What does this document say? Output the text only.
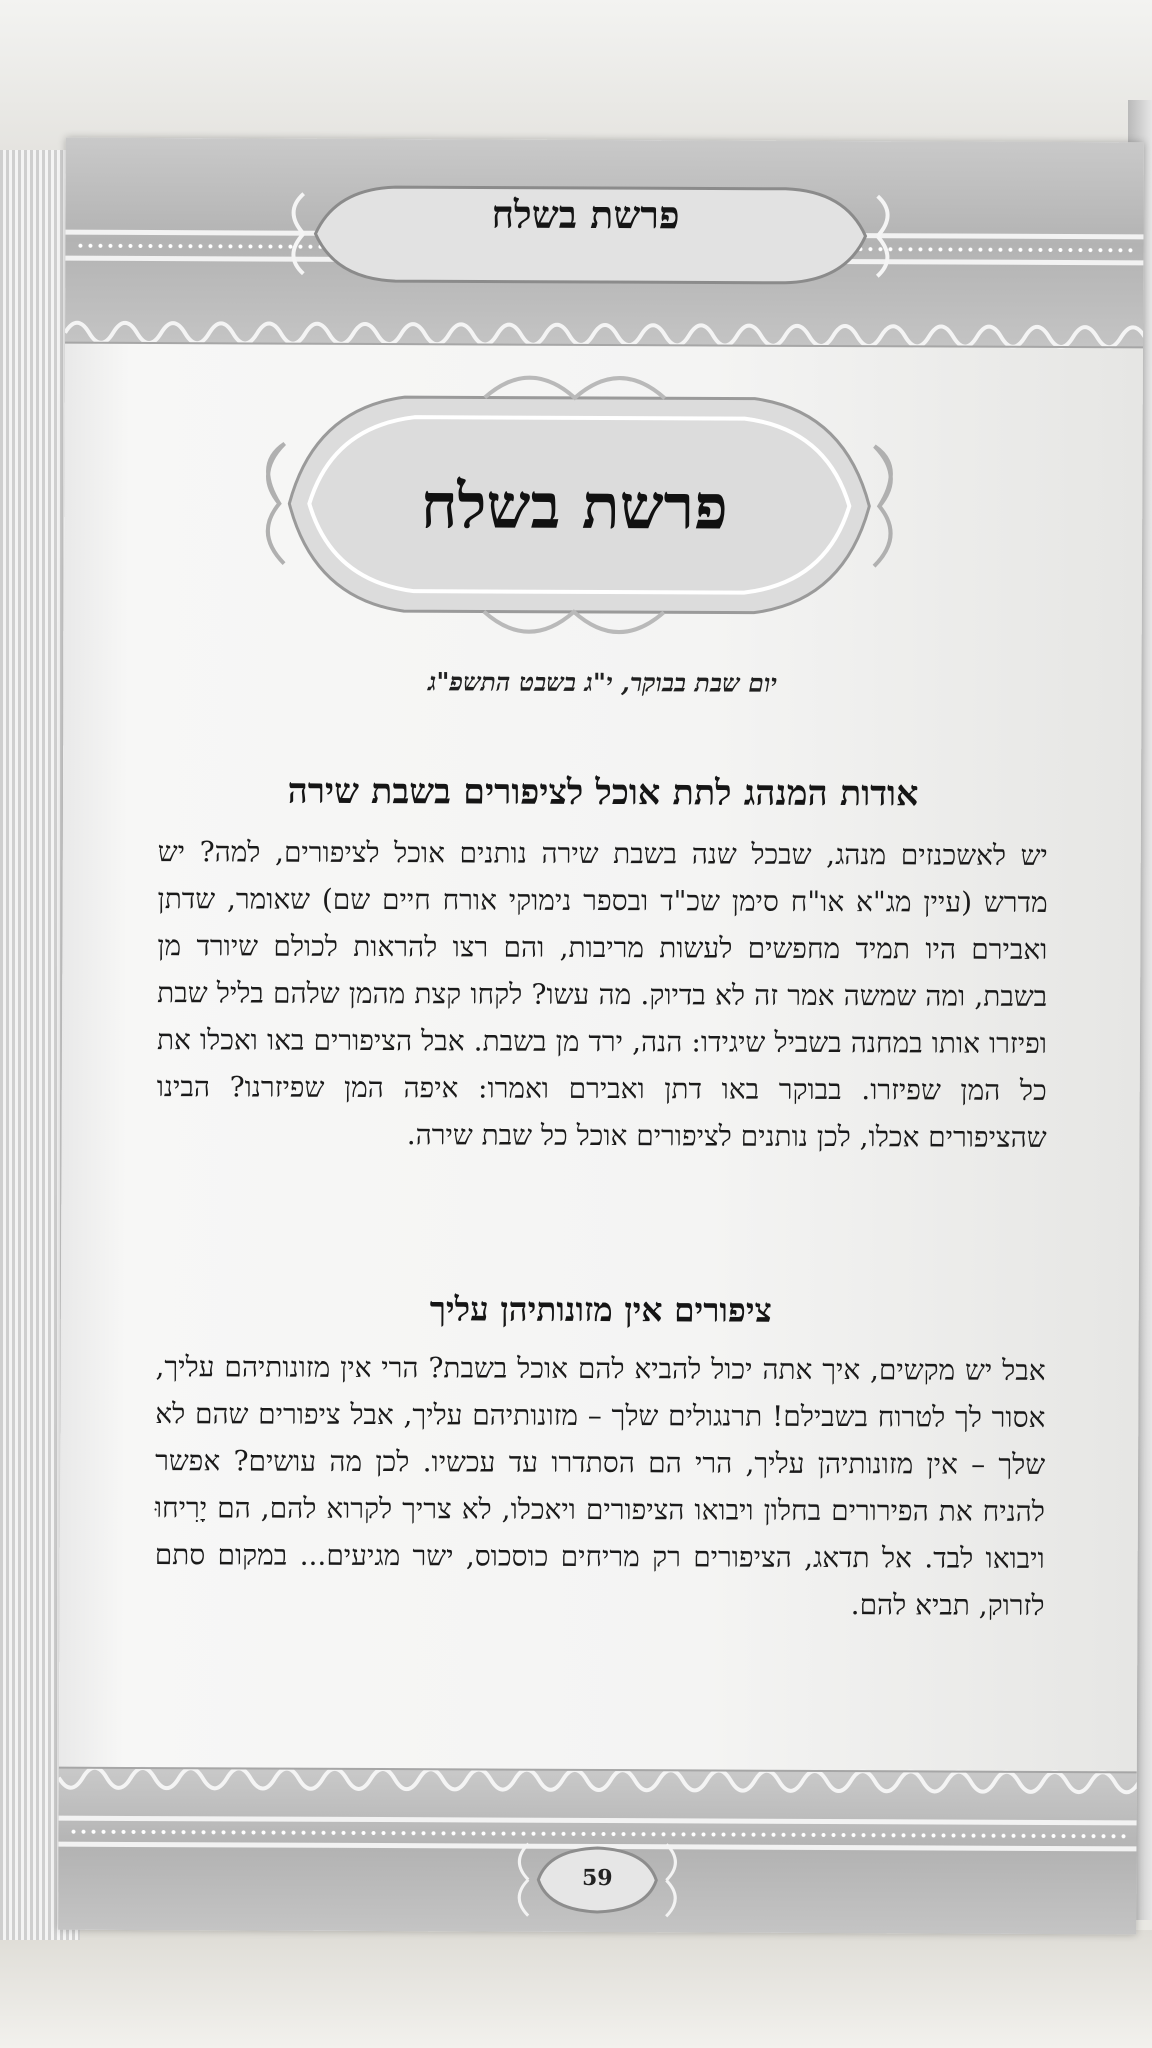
פרשת בשלח
פרשת בשלח
יום שבת בבוקר, י"ג בשבט התשפ"ג
​
אודות המנהג לתת אוכל לציפורים בשבת שירה
יש לאשכנזים מנהג, שבכל שנה בשבת שירה נותנים אוכל לציפורים, למה? יש מדרש (עיין מג"א או"ח סימן שכ"ד ובספר נימוקי אורח חיים שם) שאומר, שדתן ואבירם היו תמיד מחפשים לעשות מריבות, והם רצו להראות לכולם שיורד מן בשבת, ומה שמשה אמר זה לא בדיוק. מה עשו? לקחו קצת מהמן שלהם בליל שבת ופיזרו אותו במחנה בשביל שיגידו: הנה, ירד מן בשבת. אבל הציפורים באו ואכלו את כל המן שפיזרו. בבוקר באו דתן ואבירם ואמרו: איפה המן שפיזרנו? הבינו שהציפורים אכלו, לכן נותנים לציפורים אוכל כל שבת שירה.
ציפורים אין מזונותיהן עליך
אבל יש מקשים, איך אתה יכול להביא להם אוכל בשבת? הרי אין מזונותיהם עליך, אסור לך לטרוח בשבילם! תרנגולים שלך – מזונותיהם עליך, אבל ציפורים שהם לא שלך – אין מזונותיהן עליך, הרי הם הסתדרו עד עכשיו. לכן מה עושים? אפשר להניח את הפירורים בחלון ויבואו הציפורים ויאכלו, לא צריך לקרוא להם, הם יָרִיחוּ ויבואו לבד. אל תדאג, הציפורים רק מריחים כוסכוס, ישר מגיעים... במקום סתם לזרוק, תביא להם.
59
